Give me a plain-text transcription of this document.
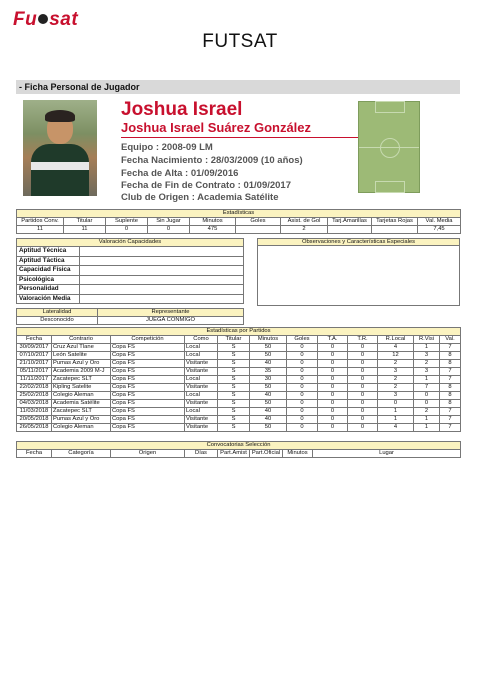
Fu sat
FUTSAT
- Ficha Personal de Jugador
Joshua Israel
Joshua Israel Suárez González
Equipo : 2008-09 LM
Fecha Nacimiento : 28/03/2009 (10 años)
Fecha de Alta : 01/09/2016
Fecha de Fin de Contrato : 01/09/2017
Club de Origen : Academia Satélite
Estadísticas									
Partidos Conv.	Titular	Suplente	Sin Jugar	Minutos	Goles	Asist. de Gol	Tarj.Amarillas	Tarjetas Rojas	Val. Media
11	11	0	0	475		2			7,45
Valoración Capacidades	
Aptitud Técnica	
Aptitud Táctica	
Capacidad Física	
Psicológica	
Personalidad	
Valoración Media	
Observaciones y Características Especiales
Lateralidad	Representante
Desconocido	JUEGA CONMIGO
Estadísticas por Partidos											
Fecha	Contrario	Competición	Como	Titular	Minutos	Goles	T.A.	T.R.	R.Local	R.Visi	Val.
30/09/2017	Cruz Azul Tlane	Copa FS	Local	S	50	0	0	0	4	1	7
07/10/2017	León Satelite	Copa FS	Local	S	50	0	0	0	12	3	8
21/10/2017	Pumas Azul y Oro	Copa FS	Visitante	S	40	0	0	0	2	2	8
05/11/2017	Academia 2009 M-J	Copa FS	Visitante	S	35	0	0	0	3	3	7
11/11/2017	Zacatepec SLT	Copa FS	Local	S	30	0	0	0	2	1	7
22/02/2018	Kipling Satelite	Copa FS	Visitante	S	50	0	0	0	2	7	8
25/02/2018	Colegio Aleman	Copa FS	Local	S	40	0	0	0	3	0	8
04/03/2018	Academia Satélite	Copa FS	Visitante	S	50	0	0	0	0	0	8
11/03/2018	Zacatepec SLT	Copa FS	Local	S	40	0	0	0	1	2	7
20/05/2018	Pumas Azul y Oro	Copa FS	Visitante	S	40	0	0	0	1	1	7
26/05/2018	Colegio Aleman	Copa FS	Visitante	S	50	0	0	0	4	1	7
Convocatorias Selección
Fecha	Categoría	Origen	Días	Part.Amist	Part.Oficial	Minutos	Lugar
